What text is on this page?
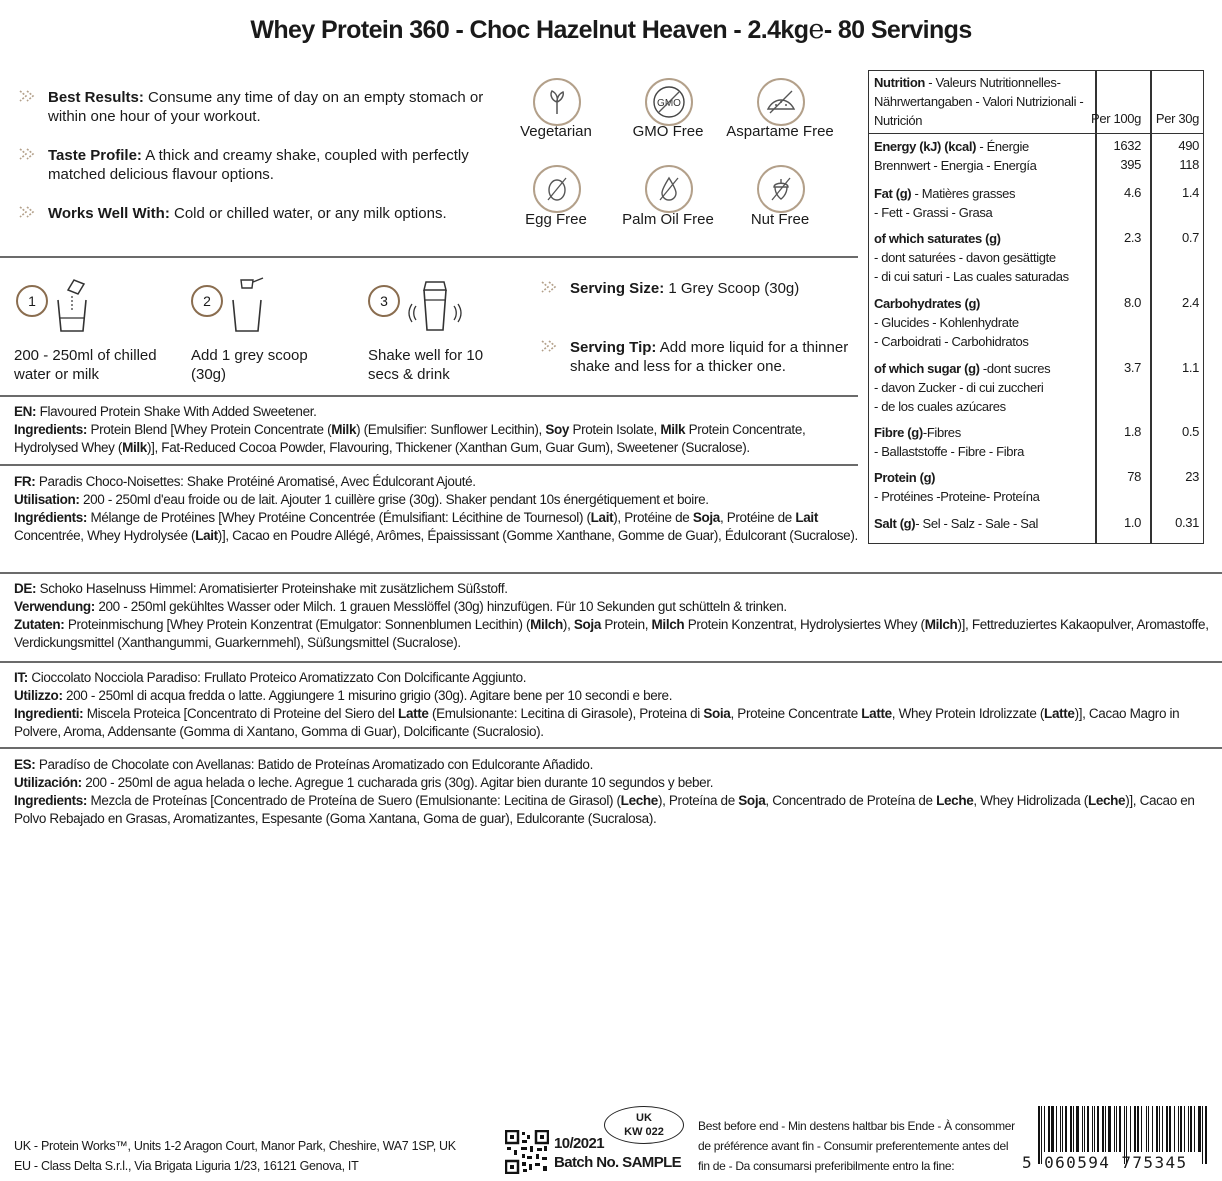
Whey Protein 360 - Choc Hazelnut Heaven - 2.4kge- 80 Servings
Best Results: Consume any time of day on an empty stomach or within one hour of your workout.
Taste Profile: A thick and creamy shake, coupled with perfectly matched delicious flavour options.
Works Well With: Cold or chilled water, or any milk options.
Vegetarian
GMO
GMO Free	Aspartame Free
Egg Free	Palm Oil Free	Nut Free
1
200 - 250ml of chilled water or milk
2
Add 1 grey scoop (30g)
3
Shake well for 10 secs & drink
Serving Size: 1 Grey Scoop (30g)
Serving Tip: Add more liquid for a thinner shake and less for a thicker one.
EN: Flavoured Protein Shake With Added Sweetener.
Ingredients: Protein Blend [Whey Protein Concentrate (Milk) (Emulsifier: Sunflower Lecithin), Soy Protein Isolate, Milk Protein Concentrate, Hydrolysed Whey (Milk)], Fat-Reduced Cocoa Powder, Flavouring, Thickener (Xanthan Gum, Guar Gum), Sweetener (Sucralose).
FR: Paradis Choco-Noisettes: Shake Protéiné Aromatisé, Avec Édulcorant Ajouté.
Utilisation: 200 - 250ml d'eau froide ou de lait. Ajouter 1 cuillère grise (30g). Shaker pendant 10s énergétiquement et boire.
Ingrédients: Mélange de Protéines [Whey Protéine Concentrée (Émulsifiant: Lécithine de Tournesol) (Lait), Protéine de Soja, Protéine de Lait Concentrée, Whey Hydrolysée (Lait)], Cacao en Poudre Allégé, Arômes, Épaississant (Gomme Xanthane, Gomme de Guar), Édulcorant (Sucralose).
DE: Schoko Haselnuss Himmel: Aromatisierter Proteinshake mit zusätzlichem Süßstoff.
Verwendung: 200 - 250ml gekühltes Wasser oder Milch. 1 grauen Messlöffel (30g) hinzufügen. Für 10 Sekunden gut schütteln & trinken.
Zutaten: Proteinmischung [Whey Protein Konzentrat (Emulgator: Sonnenblumen Lecithin) (Milch), Soja Protein, Milch Protein Konzentrat, Hydrolysiertes Whey (Milch)], Fettreduziertes Kakaopulver, Aromastoffe, Verdickungsmittel (Xanthangummi, Guarkernmehl), Süßungsmittel (Sucralose).
IT: Cioccolato Nocciola Paradiso: Frullato Proteico Aromatizzato Con Dolcificante Aggiunto.
Utilizzo: 200 - 250ml di acqua fredda o latte. Aggiungere 1 misurino grigio (30g). Agitare bene per 10 secondi e bere.
Ingredienti: Miscela Proteica [Concentrato di Proteine del Siero del Latte (Emulsionante: Lecitina di Girasole), Proteina di Soia, Proteine Concentrate Latte, Whey Protein Idrolizzate (Latte)], Cacao Magro in Polvere, Aroma, Addensante (Gomma di Xantano, Gomma di Guar), Dolcificante (Sucralosio).
ES: Paradíso de Chocolate con Avellanas: Batido de Proteínas Aromatizado con Edulcorante Añadido.
Utilización: 200 - 250ml de agua helada o leche. Agregue 1 cucharada gris (30g). Agitar bien durante 10 segundos y beber.
Ingredients: Mezcla de Proteínas [Concentrado de Proteína de Suero (Emulsionante: Lecitina de Girasol) (Leche), Proteína de Soja, Concentrado de Proteína de Leche, Whey Hidrolizada (Leche)], Cacao en Polvo Rebajado en Grasas, Aromatizantes, Espesante (Goma Xantana, Goma de guar), Edulcorante (Sucralosa).
Nutrition - Valeurs Nutritionnelles- Nährwertangaben - Valori Nutrizionali - Nutrición	Per 100g Per 30g
Energy (kJ) (kcal) - Énergie
Brennwert - Energia - Energía
1632	490
395	118
Fat (g) - Matières grasses
- Fett - Grassi - Grasa
4.6	1.4
of which saturates (g)
- dont saturées - davon gesättigte
- di cui saturi - Las cuales saturadas
2.3	0.7
Carbohydrates (g)
- Glucides - Kohlenhydrate
- Carboidrati - Carbohidratos
8.0	2.4
of which sugar (g) -dont sucres
- davon Zucker - di cui zuccheri
- de los cuales azúcares
3.7	1.1
Fibre (g)-Fibres
- Ballaststoffe - Fibre - Fibra
1.8	0.5
Protein (g)
- Protéines -Proteine- Proteína
78	23
Salt (g)- Sel - Salz - Sale - Sal	1.0	0.31
UK - Protein Works™, Units 1-2 Aragon Court, Manor Park, Cheshire, WA7 1SP, UK
EU - Class Delta S.r.l., Via Brigata Liguria 1/23, 16121 Genova, IT
10/2021
Batch No. SAMPLE
UK
KW 022	Best before end - Min destens haltbar bis Ende - À consommer de préférence avant fin - Consumir preferentemente antes del fin de - Da consumarsi preferibilmente entro la fine:	5 060594 775345
